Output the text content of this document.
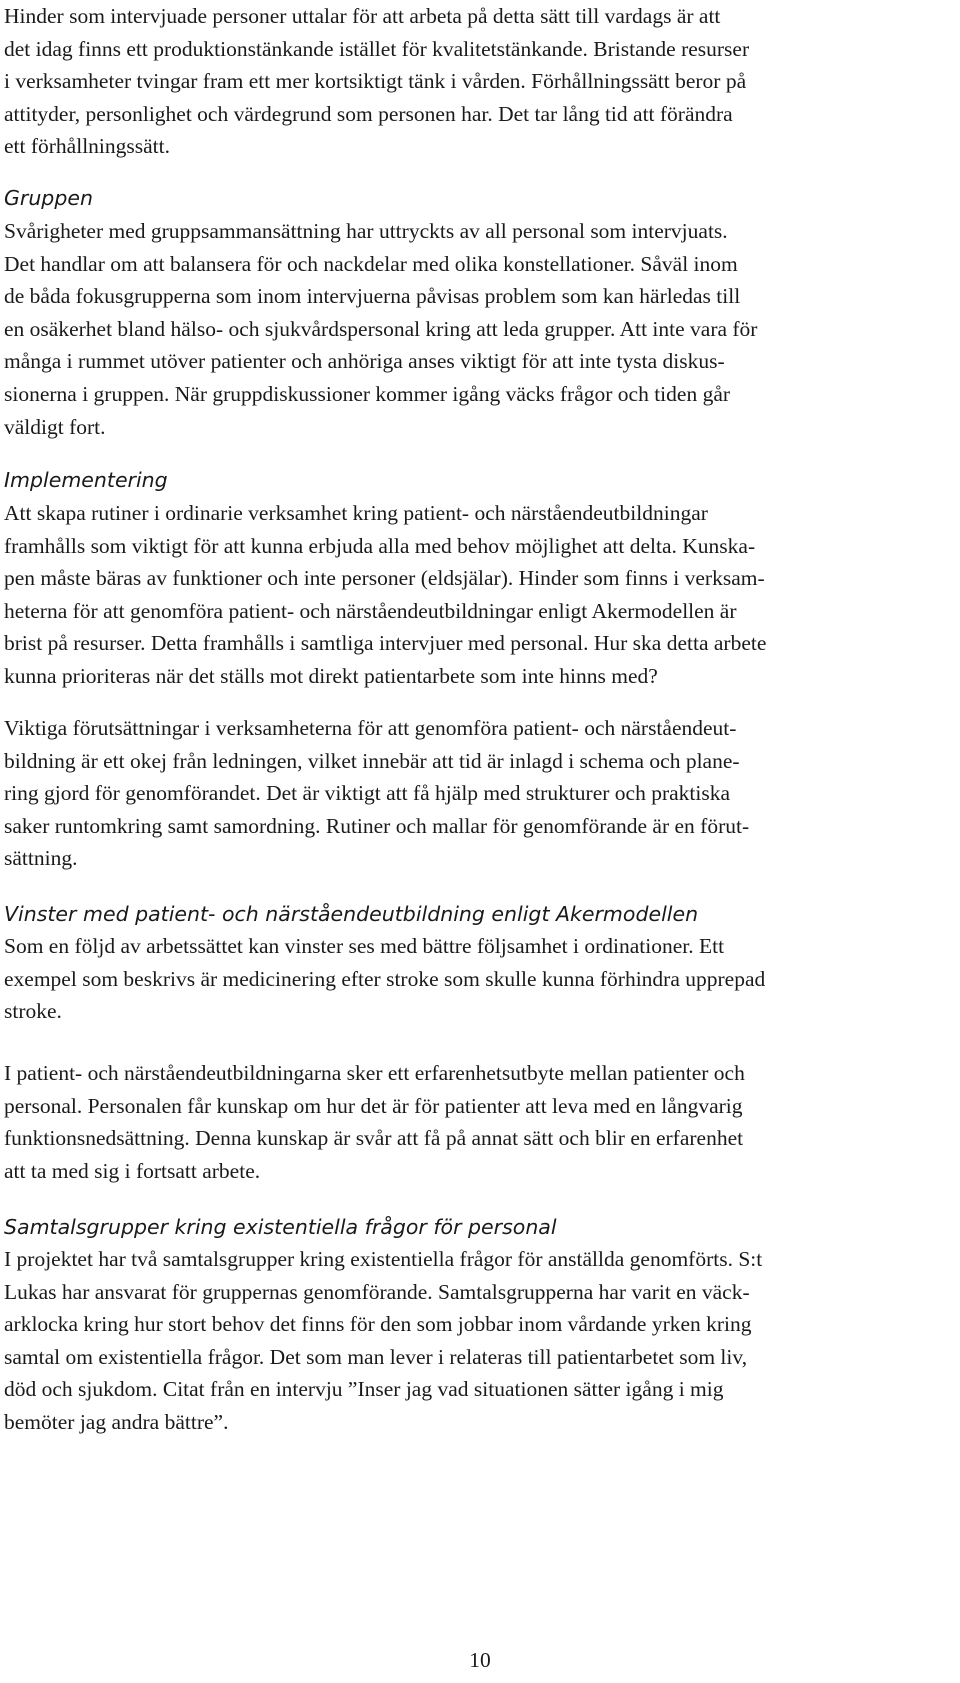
Hinder som intervjuade personer uttalar för att arbeta på detta sätt till vardags är att
det idag finns ett produktionstänkande istället för kvalitetstänkande. Bristande resurser
i verksamheter tvingar fram ett mer kortsiktigt tänk i vården. Förhållningssätt beror på
attityder, personlighet och värdegrund som personen har. Det tar lång tid att förändra
ett förhållningssätt.

Gruppen

Svårigheter med gruppsammansättning har uttryckts av all personal som intervjuats.
Det handlar om att balansera för och nackdelar med olika konstellationer. Såväl inom
de båda fokusgrupperna som inom intervjuerna påvisas problem som kan härledas till
en osäkerhet bland hälso- och sjukvårdspersonal kring att leda grupper. Att inte vara för
många i rummet utöver patienter och anhöriga anses viktigt för att inte tysta diskus-
sionerna i gruppen. När gruppdiskussioner kommer igång väcks frågor och tiden går
väldigt fort.

Implementering

Att skapa rutiner i ordinarie verksamhet kring patient- och närståendeutbildningar
framhålls som viktigt för att kunna erbjuda alla med behov möjlighet att delta. Kunska-
pen måste bäras av funktioner och inte personer (eldsjälar). Hinder som finns i verksam-
heterna för att genomföra patient- och närståendeutbildningar enligt Akermodellen är
brist på resurser. Detta framhålls i samtliga intervjuer med personal. Hur ska detta arbete
kunna prioriteras när det ställs mot direkt patientarbete som inte hinns med?

Viktiga förutsättningar i verksamheterna för att genomföra patient- och närståendeut-
bildning är ett okej från ledningen, vilket innebär att tid är inlagd i schema och plane-
ring gjord för genomförandet. Det är viktigt att få hjälp med strukturer och praktiska
saker runtomkring samt samordning. Rutiner och mallar för genomförande är en förut-
sättning.

Vinster med patient- och närståendeutbildning enligt Akermodellen

Som en följd av arbetssättet kan vinster ses med bättre följsamhet i ordinationer. Ett
exempel som beskrivs är medicinering efter stroke som skulle kunna förhindra upprepad
stroke.

I patient- och närståendeutbildningarna sker ett erfarenhetsutbyte mellan patienter och
personal. Personalen får kunskap om hur det är för patienter att leva med en långvarig
funktionsnedsättning. Denna kunskap är svår att få på annat sätt och blir en erfarenhet
att ta med sig i fortsatt arbete.

Samtalsgrupper kring existentiella frågor för personal

I projektet har två samtalsgrupper kring existentiella frågor för anställda genomförts. S:t
Lukas har ansvarat för gruppernas genomförande. Samtalsgrupperna har varit en väck-
arklocka kring hur stort behov det finns för den som jobbar inom vårdande yrken kring
samtal om existentiella frågor. Det som man lever i relateras till patientarbetet som liv,
död och sjukdom. Citat från en intervju ”Inser jag vad situationen sätter igång i mig
bemöter jag andra bättre”.

10
